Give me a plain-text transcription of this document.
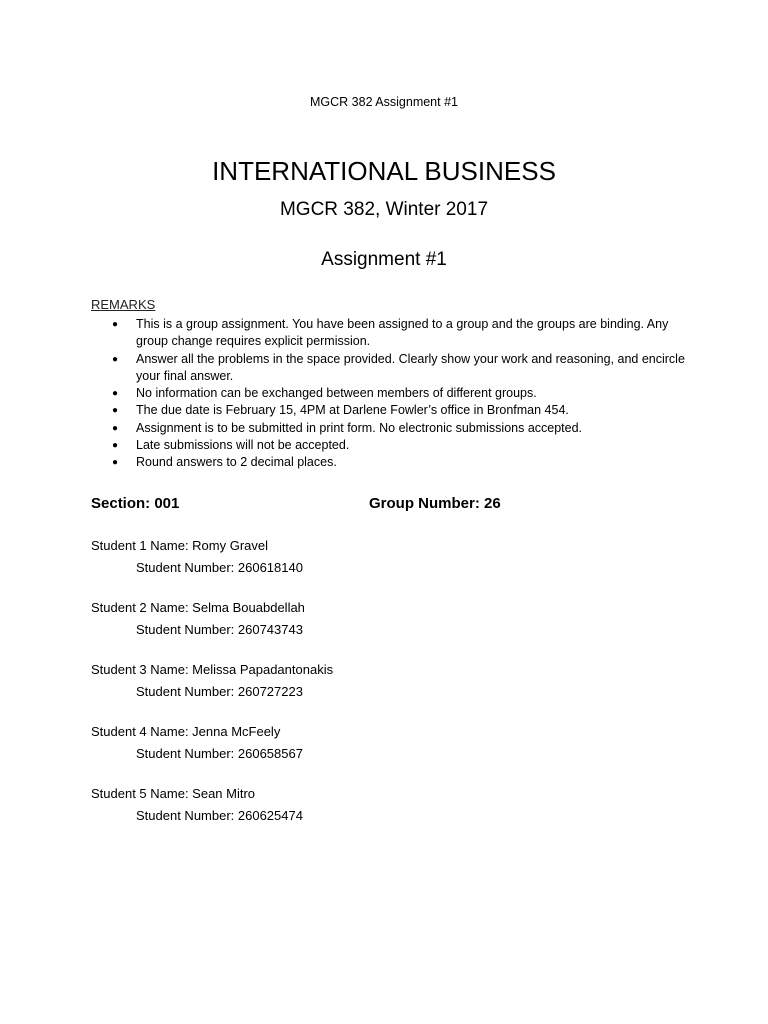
MGCR 382 Assignment #1
INTERNATIONAL BUSINESS
MGCR 382, Winter 2017
Assignment #1
REMARKS
● This is a group assignment. You have been assigned to a group and the groups are binding. Any group change requires explicit permission.
● Answer all the problems in the space provided. Clearly show your work and reasoning, and encircle your final answer.
● No information can be exchanged between members of different groups.
● The due date is February 15, 4PM at Darlene Fowler’s office in Bronfman 454.
● Assignment is to be submitted in print form. No electronic submissions accepted.
● Late submissions will not be accepted.
● Round answers to 2 decimal places.
Section: 001	Group Number: 26
Student 1 Name: Romy Gravel
Student Number: 260618140
Student 2 Name: Selma Bouabdellah
Student Number: 260743743
Student 3 Name: Melissa Papadantonakis
Student Number: 260727223
Student 4 Name: Jenna McFeely
Student Number: 260658567
Student 5 Name: Sean Mitro
Student Number: 260625474
